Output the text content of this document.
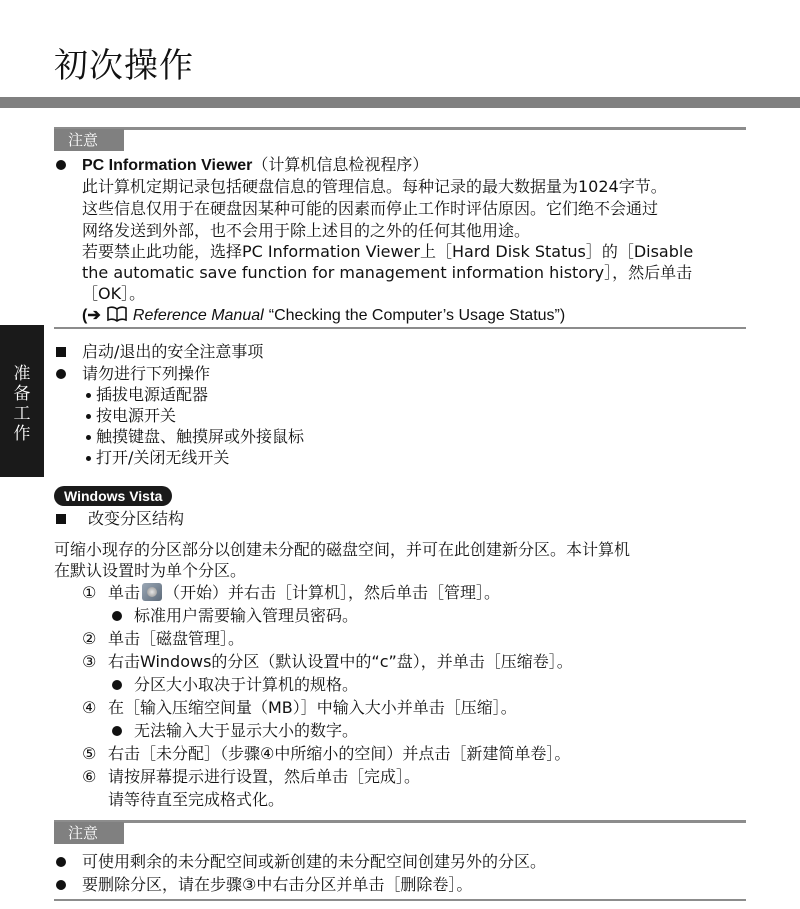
初次操作
准备工作
注意
PC Information Viewer（计算机信息检视程序）
此计算机定期记录包括硬盘信息的管理信息。每种记录的最大数据量为1024字节。
这些信息仅用于在硬盘因某种可能的因素而停止工作时评估原因。它们绝不会通过
网络发送到外部，也不会用于除上述目的之外的任何其他用途。
若要禁止此功能，选择PC Information Viewer上［Hard Disk Status］的［Disable
the automatic save function for management information history］，然后单击
［OK］。
(➔ Reference Manual “Checking the Computer’s Usage Status”)
启动/退出的安全注意事项
请勿进行下列操作
插拔电源适配器
按电源开关
触摸键盘、触摸屏或外接鼠标
打开/关闭无线开关
Windows Vista
改变分区结构
可缩小现存的分区部分以创建未分配的磁盘空间，并可在此创建新分区。本计算机
在默认设置时为单个分区。
① 单击 （开始）并右击［计算机］，然后单击［管理］。
标准用户需要输入管理员密码。
② 单击［磁盘管理］。
③ 右击Windows的分区（默认设置中的“c”盘），并单击［压缩卷］。
分区大小取决于计算机的规格。
④ 在［输入压缩空间量（MB）］中输入大小并单击［压缩］。
无法输入大于显示大小的数字。
⑤ 右击［未分配］（步骤④中所缩小的空间）并点击［新建简单卷］。
⑥ 请按屏幕提示进行设置，然后单击［完成］。
请等待直至完成格式化。
注意
可使用剩余的未分配空间或新创建的未分配空间创建另外的分区。
要删除分区，请在步骤③中右击分区并单击［删除卷］。
